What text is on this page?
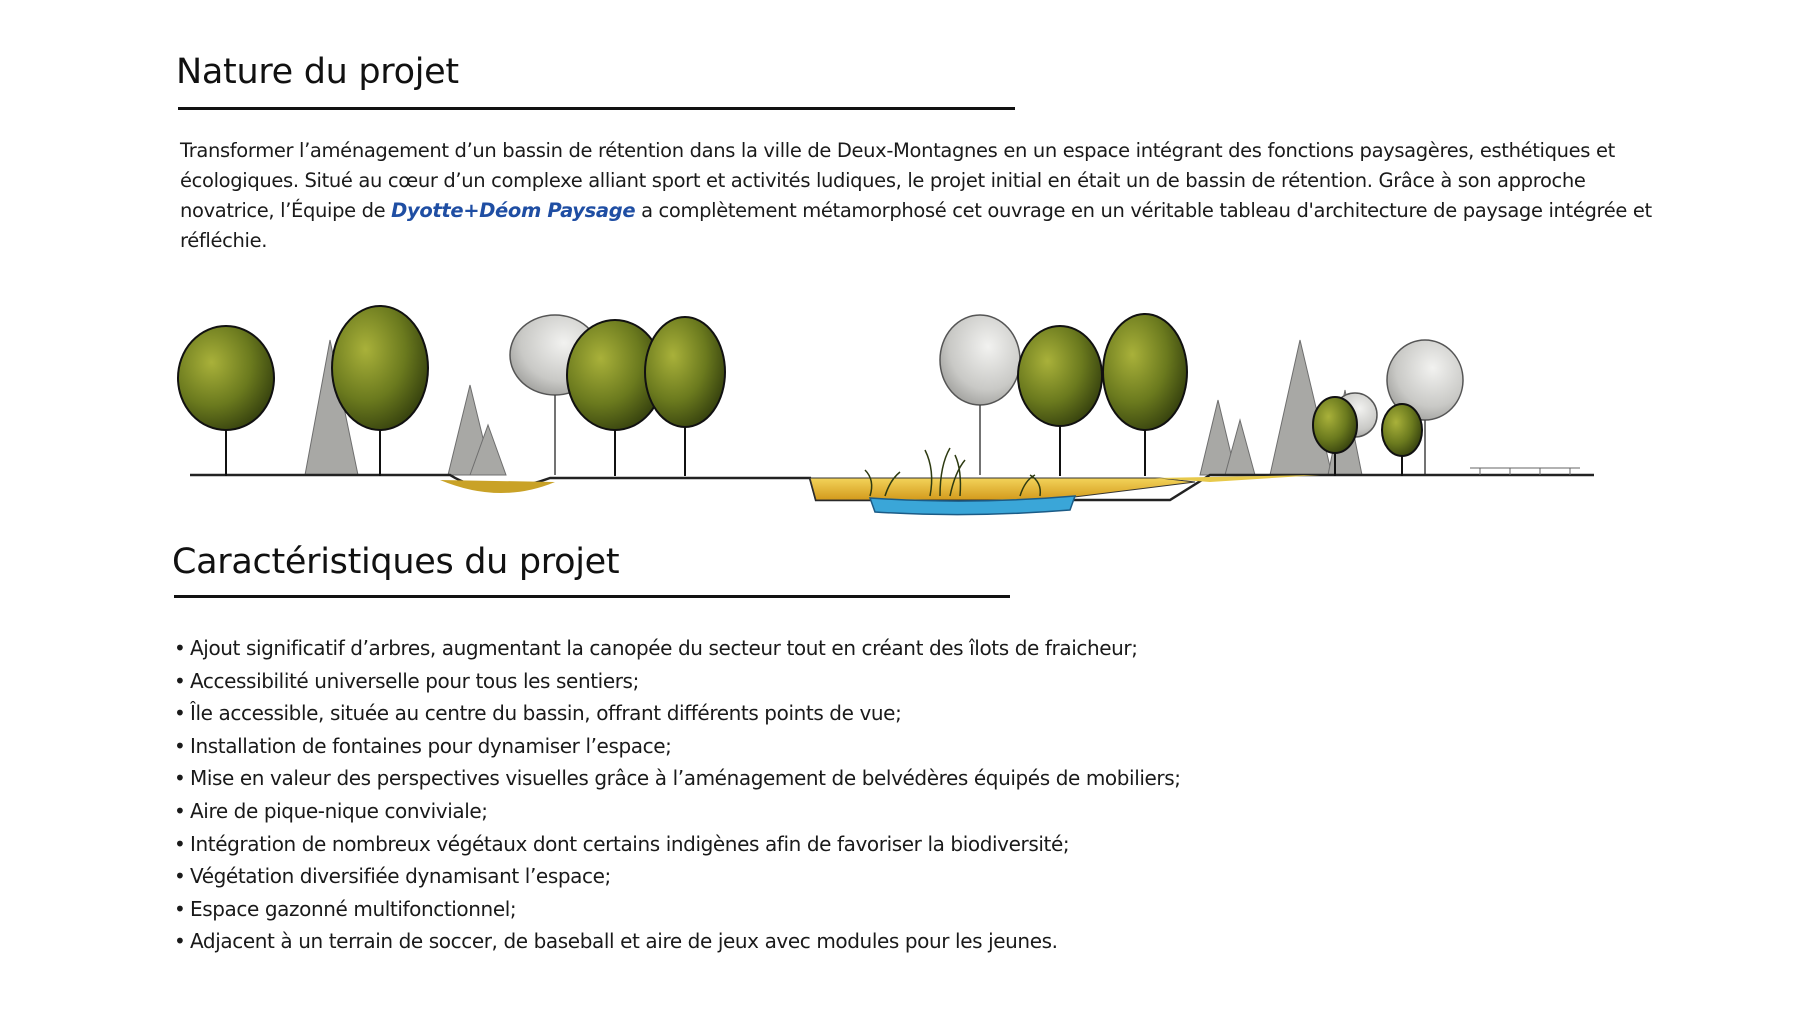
Nature du projet

Transformer l’aménagement d’un bassin de rétention dans la ville de Deux-Montagnes en un espace intégrant des fonctions paysagères, esthétiques et écologiques. Situé au cœur d’un complexe alliant sport et activités ludiques, le projet initial en était un de bassin de rétention. Grâce à son approche novatrice, l’Équipe de Dyotte+Déom Paysage a complètement métamorphosé cet ouvrage en un véritable tableau d'architecture de paysage intégrée et réfléchie.

Caractéristiques du projet
• Ajout significatif d’arbres, augmentant la canopée du secteur tout en créant des îlots de fraicheur;
• Accessibilité universelle pour tous les sentiers;
• Île accessible, située au centre du bassin, offrant différents points de vue;
• Installation de fontaines pour dynamiser l’espace;
• Mise en valeur des perspectives visuelles grâce à l’aménagement de belvédères équipés de mobiliers;
• Aire de pique-nique conviviale;
• Intégration de nombreux végétaux dont certains indigènes afin de favoriser la biodiversité;
• Végétation diversifiée dynamisant l’espace;
• Espace gazonné multifonctionnel;
• Adjacent à un terrain de soccer, de baseball et aire de jeux avec modules pour les jeunes.
